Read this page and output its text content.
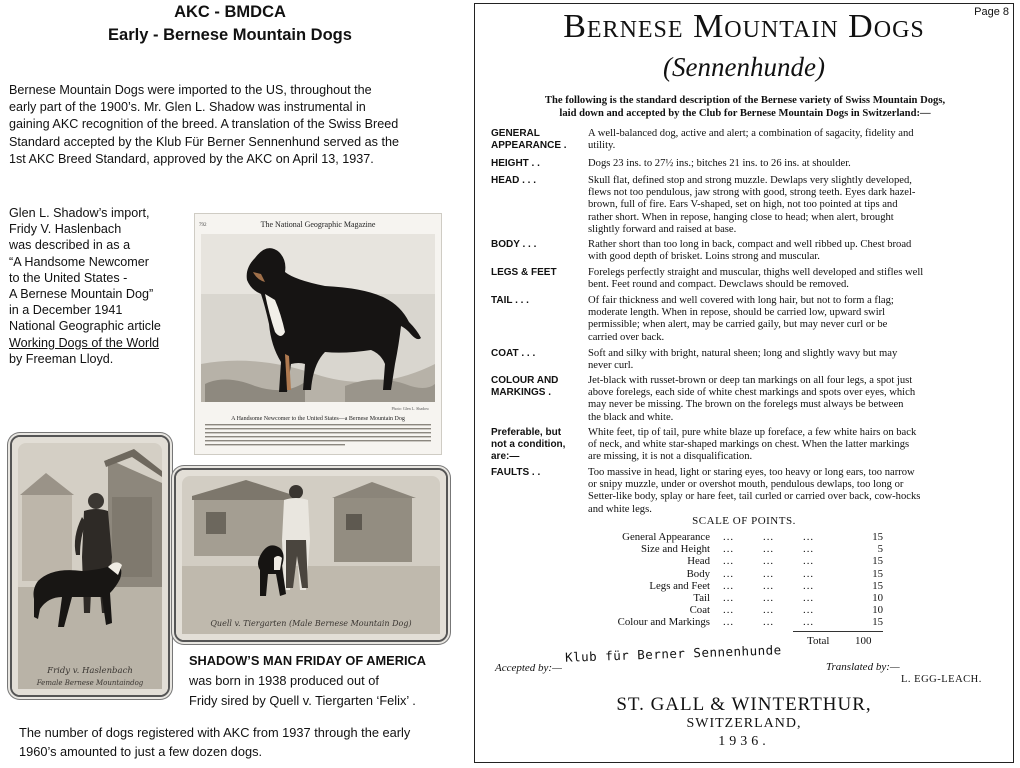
AKC - BMDCA
Early - Bernese Mountain Dogs
Bernese Mountain Dogs were imported to the US, throughout the
early part of the 1900’s. Mr. Glen L. Shadow was instrumental in
gaining AKC recognition of the breed. A translation of the Swiss Breed
Standard accepted by the Klub Für Berner Sennenhund served as the
1st AKC Breed Standard, approved by the AKC on April 13, 1937.
Glen L. Shadow’s import,
Fridy V. Haslenbach
was described in as a
“A Handsome Newcomer
to the United States -
A Bernese Mountain Dog”
in a December 1941
National Geographic article
Working Dogs of the World
by Freeman Lloyd.
792	The National Geographic Magazine
Photo: Glen L. Shadow
A Handsome Newcomer to the United States—a Bernese Mountain Dog
Fridy v. Haslenbach
Female Bernese Mountaindog
Quell v. Tiergarten (Male Bernese Mountain Dog)
SHADOW’S MAN FRIDAY OF AMERICA
was born in 1938 produced out of
Fridy sired by Quell v. Tiergarten ‘Felix’ .
The number of dogs registered with AKC from 1937 through the early
1960’s amounted to just a few dozen dogs.
Page 8
Bernese Mountain Dogs
(Sennenhunde)
The following is the standard description of the Bernese variety of Swiss Mountain Dogs,
laid down and accepted by the Club for Bernese Mountain Dogs in Switzerland:—
GENERAL
APPEARANCE .
A well-balanced dog, active and alert; a combination of sagacity, fidelity and
utility.
HEIGHT . .	Dogs 23 ins. to 27½ ins.; bitches 21 ins. to 26 ins. at shoulder.
HEAD . . .	Skull flat, defined stop and strong muzzle. Dewlaps very slightly developed,
flews not too pendulous, jaw strong with good, strong teeth. Eyes dark hazel-
brown, full of fire. Ears V-shaped, set on high, not too pointed at tips and
rather short. When in repose, hanging close to head; when alert, brought
slightly forward and raised at base.
BODY . . .	Rather short than too long in back, compact and well ribbed up. Chest broad
with good depth of brisket. Loins strong and muscular.
LEGS & FEET	Forelegs perfectly straight and muscular, thighs well developed and stifles well
bent. Feet round and compact. Dewclaws should be removed.
TAIL . . .	Of fair thickness and well covered with long hair, but not to form a flag;
moderate length. When in repose, should be carried low, upward swirl
permissible; when alert, may be carried gaily, but may never curl or be
carried over back.
COAT . . .	Soft and silky with bright, natural sheen; long and slightly wavy but may
never curl.
COLOUR AND
MARKINGS .
Jet-black with russet-brown or deep tan markings on all four legs, a spot just
above forelegs, each side of white chest markings and spots over eyes, which
may never be missing. The brown on the forelegs must always be between
the black and white.
Preferable, but
not a condition,
are:—
White feet, tip of tail, pure white blaze up foreface, a few white hairs on back
of neck, and white star-shaped markings on chest. When the latter markings
are missing, it is not a disqualification.
FAULTS . .	Too massive in head, light or staring eyes, too heavy or long ears, too narrow
or snipy muzzle, under or overshot mouth, pendulous dewlaps, too long or
Setter-like body, splay or hare feet, tail curled or carried over back, cow-hocks
and white legs.
SCALE OF POINTS.
General Appearance ...	...	...	15
Size and Height ...	...	...	5
Head ...	...	...	15
Body ...	...	...	15
Legs and Feet ...	...	...	15
Tail ...	...	...	10
Coat ...	...	...	10
Colour and Markings ...	...	...	15
Total 100
Accepted by:—
Klub für Berner Sennenhunde
Translated by:—
L. EGG-LEACH.
ST. GALL & WINTERTHUR,
SWITZERLAND,
1936.
